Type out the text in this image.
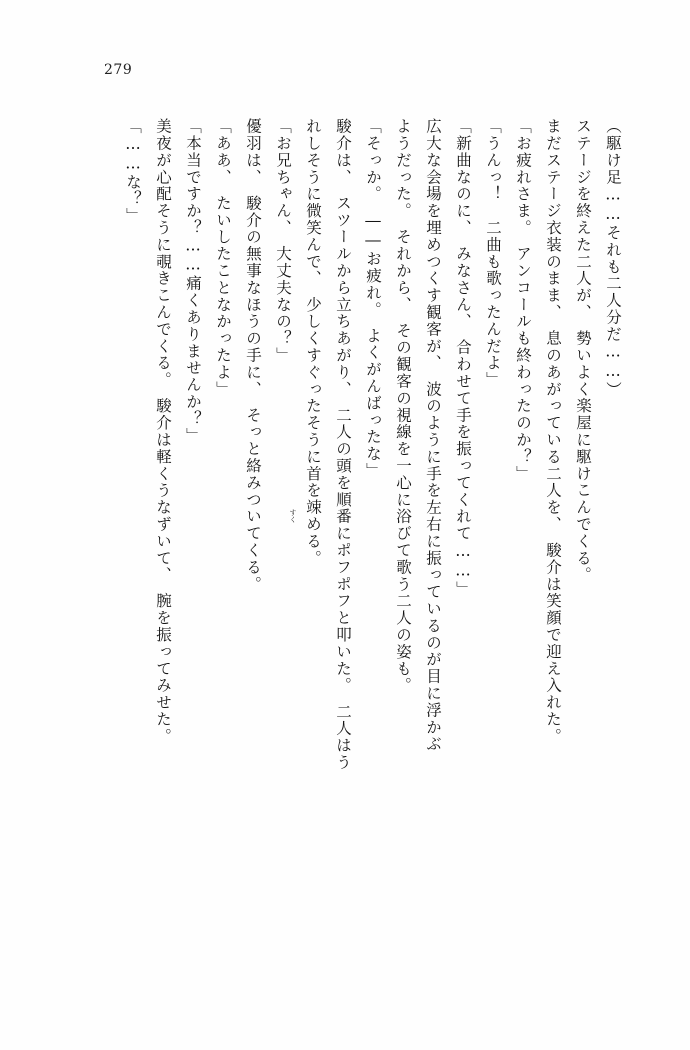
279

（駆け足……それも二人分だ……）

ステージを終えた二人が、　勢いよく楽屋に駆けこんでくる。

まだステージ衣装のまま、　息のあがっている二人を、　駿介は笑顔で迎え入れた。

「お疲れさま。　アンコールも終わったのか？」

「うんっ！　二曲も歌ったんだよ」

「新曲なのに、　みなさん、　合わせて手を振ってくれて……」

広大な会場を埋めつくす観客が、　波のように手を左右に振っているのが目に浮かぶ

ようだった。　それから、　その観客の視線を一心に浴びて歌う二人の姿も。

「そっか。　――お疲れ。　よくがんばったな」

駿介は、　スツールから立ちあがり、　二人の頭を順番にポフポフと叩いた。　二人はう

れしそうに微笑んで、　少しくすぐったそうに首を竦める。
すく

「お兄ちゃん、　大丈夫なの？」

優羽は、　駿介の無事なほうの手に、　そっと絡みついてくる。

「ああ、　たいしたことなかったよ」

「本当ですか？……痛くありませんか？」

美夜が心配そうに覗きこんでくる。　駿介は軽くうなずいて、　腕を振ってみせた。

「……な？」
